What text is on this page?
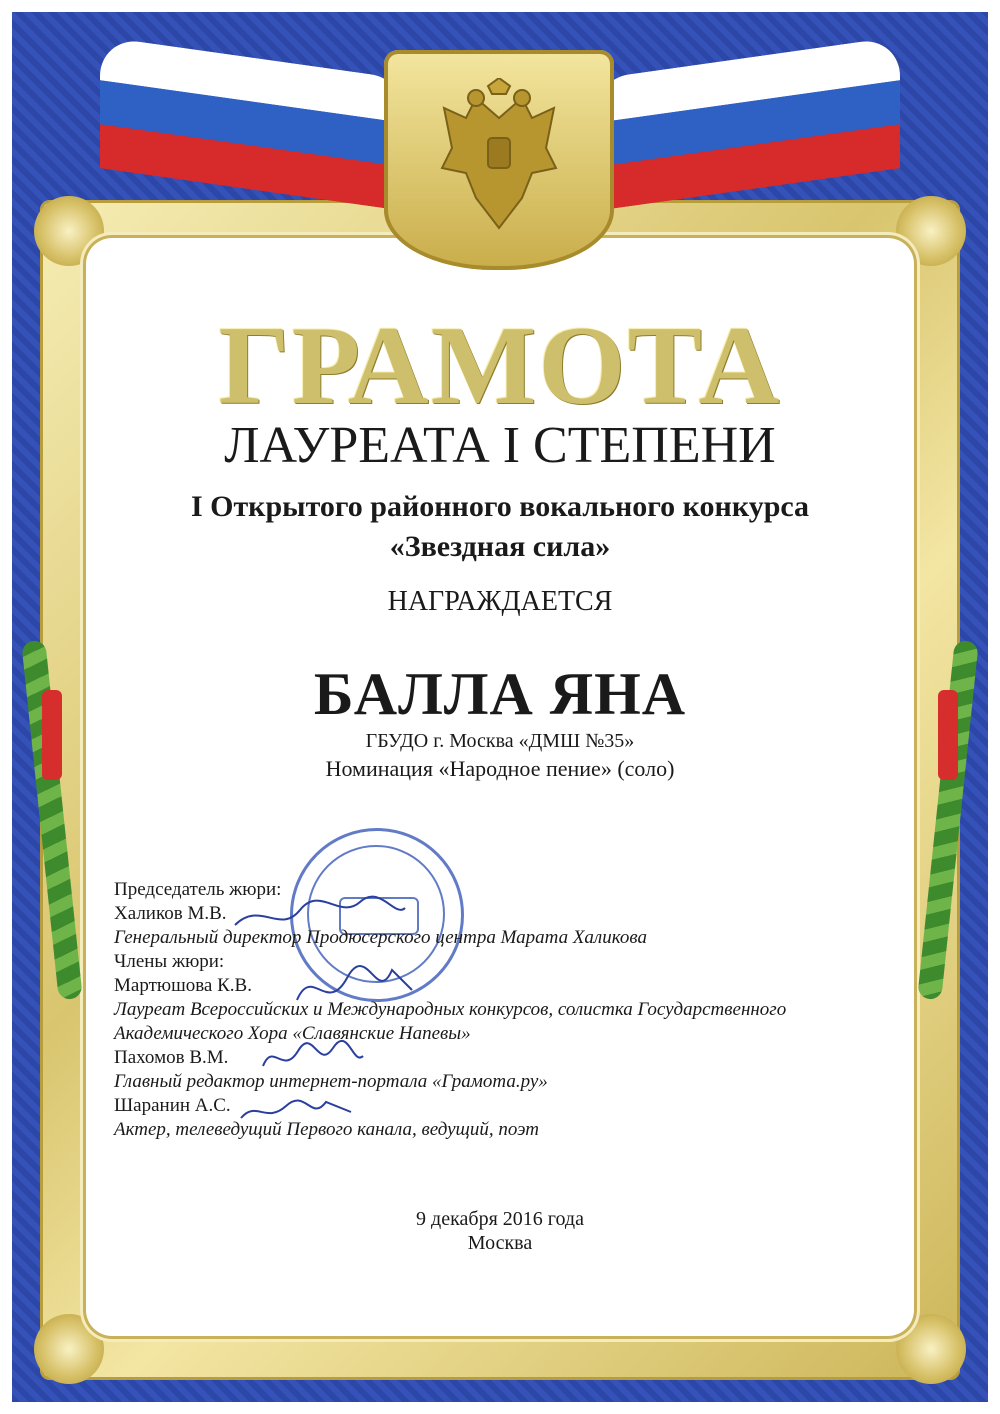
ГРАМОТА
ЛАУРЕАТА I СТЕПЕНИ
I Открытого районного вокального конкурса
«Звездная сила»
НАГРАЖДАЕТСЯ
БАЛЛА ЯНА
ГБУДО г. Москва «ДМШ №35»
Номинация «Народное пение» (соло)
Председатель жюри:
Халиков М.В.
Генеральный директор Продюсерского центра Марата Халикова
Члены жюри:
Мартюшова К.В.
Лауреат Всероссийских и Международных конкурсов, солистка Государственного
Академического Хора «Славянские Напевы»
Пахомов В.М.
Главный редактор интернет-портала «Грамота.ру»
Шаранин А.С.
Актер, телеведущий Первого канала, ведущий, поэт
9 декабря 2016 года
Москва
